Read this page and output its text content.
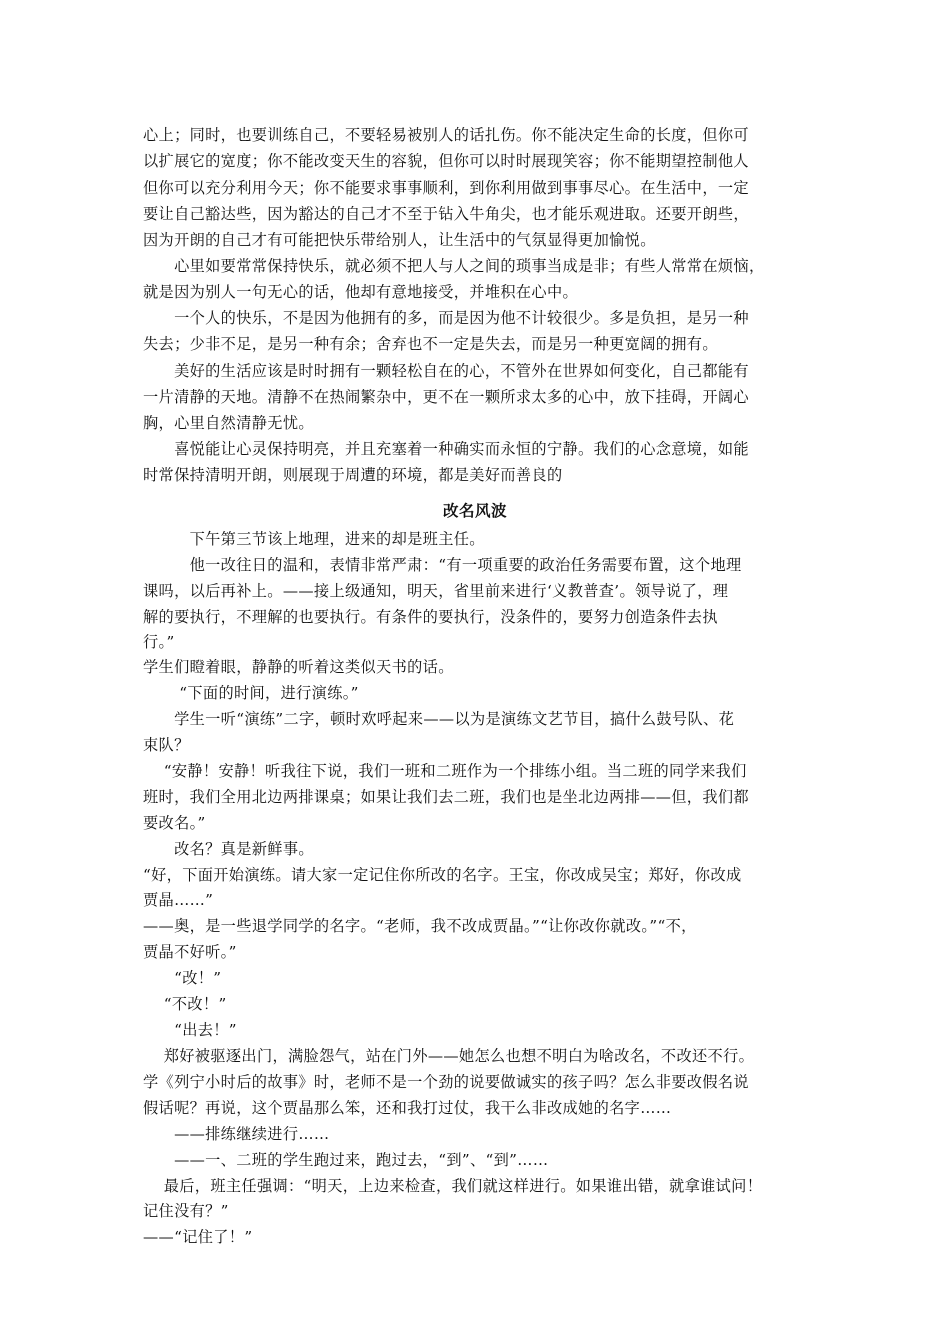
心上；同时，也要训练自己，不要轻易被别人的话扎伤。你不能决定生命的长度，但你可
以扩展它的宽度；你不能改变天生的容貌，但你可以时时展现笑容；你不能期望控制他人
但你可以充分利用今天；你不能要求事事顺利，到你利用做到事事尽心。在生活中，一定
要让自己豁达些，因为豁达的自己才不至于钻入牛角尖，也才能乐观进取。还要开朗些，
因为开朗的自己才有可能把快乐带给别人，让生活中的气氛显得更加愉悦。
　　心里如要常常保持快乐，就必须不把人与人之间的琐事当成是非；有些人常常在烦恼，
就是因为别人一句无心的话，他却有意地接受，并堆积在心中。
　　一个人的快乐，不是因为他拥有的多，而是因为他不计较很少。多是负担，是另一种
失去；少非不足，是另一种有余；舍弃也不一定是失去，而是另一种更宽阔的拥有。
　　美好的生活应该是时时拥有一颗轻松自在的心，不管外在世界如何变化，自己都能有
一片清静的天地。清静不在热闹繁杂中，更不在一颗所求太多的心中，放下挂碍，开阔心
胸，心里自然清静无忧。
　　喜悦能让心灵保持明亮，并且充塞着一种确实而永恒的宁静。我们的心念意境，如能
时常保持清明开朗，则展现于周遭的环境，都是美好而善良的
改名风波
　　　下午第三节该上地理，进来的却是班主任。
　　　他一改往日的温和，表情非常严肃：“有一项重要的政治任务需要布置，这个地理
课吗，以后再补上。——接上级通知，明天，省里前来进行‘义教普查’。领导说了，理
解的要执行，不理解的也要执行。有条件的要执行，没条件的，要努力创造条件去执
行。”
学生们瞪着眼，静静的听着这类似天书的话。
　　 “下面的时间，进行演练。”
　　学生一听“演练”二字，顿时欢呼起来——以为是演练文艺节目，搞什么鼓号队、花
束队？
　 “安静！安静！听我往下说，我们一班和二班作为一个排练小组。当二班的同学来我们
班时，我们全用北边两排课桌；如果让我们去二班，我们也是坐北边两排——但，我们都
要改名。”
　　改名？真是新鲜事。
“好，下面开始演练。请大家一定记住你所改的名字。王宝，你改成吴宝；郑好，你改成
贾晶……”
——奥，是一些退学同学的名字。“老师，我不改成贾晶。”“让你改你就改。”“不，
贾晶不好听。”
　　“改！”
　 “不改！”
　　“出去！”
　 郑好被驱逐出门，满脸怨气，站在门外——她怎么也想不明白为啥改名，不改还不行。
学《列宁小时后的故事》时，老师不是一个劲的说要做诚实的孩子吗？怎么非要改假名说
假话呢？再说，这个贾晶那么笨，还和我打过仗，我干么非改成她的名字……
　　——排练继续进行……
　　——一、二班的学生跑过来，跑过去，“到”、“到”……
　 最后，班主任强调：“明天，上边来检查，我们就这样进行。如果谁出错，就拿谁试问！
记住没有？”
——“记住了！”
